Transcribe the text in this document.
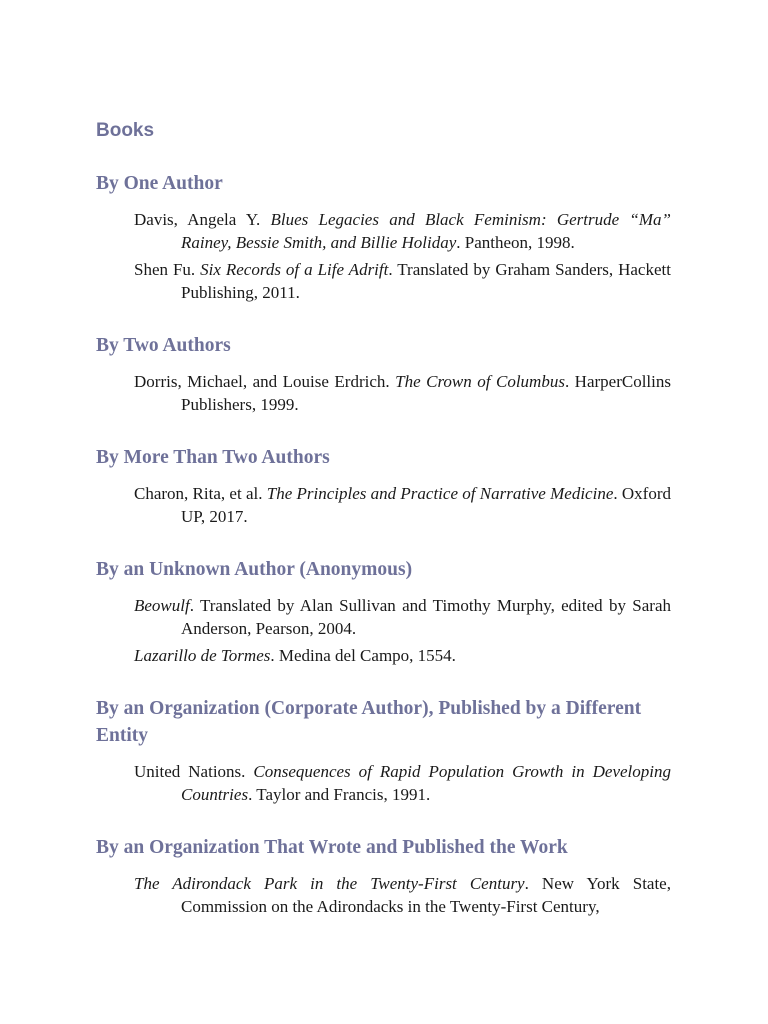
Books
By One Author

Davis, Angela Y. Blues Legacies and Black Feminism: Gertrude “Ma” Rainey, Bessie Smith, and Billie Holiday. Pantheon, 1998.

Shen Fu. Six Records of a Life Adrift. Translated by Graham Sanders, Hackett Publishing, 2011.

By Two Authors

Dorris, Michael, and Louise Erdrich. The Crown of Columbus. HarperCollins Publishers, 1999.

By More Than Two Authors

Charon, Rita, et al. The Principles and Practice of Narrative Medicine. Oxford UP, 2017.

By an Unknown Author (Anonymous)

Beowulf. Translated by Alan Sullivan and Timothy Murphy, edited by Sarah Anderson, Pearson, 2004.

Lazarillo de Tormes. Medina del Campo, 1554.

By an Organization (Corporate Author), Published by a Different Entity

United Nations. Consequences of Rapid Population Growth in Developing Countries. Taylor and Francis, 1991.

By an Organization That Wrote and Published the Work

The Adirondack Park in the Twenty-First Century. New York State, Commission on the Adirondacks in the Twenty-First Century,
